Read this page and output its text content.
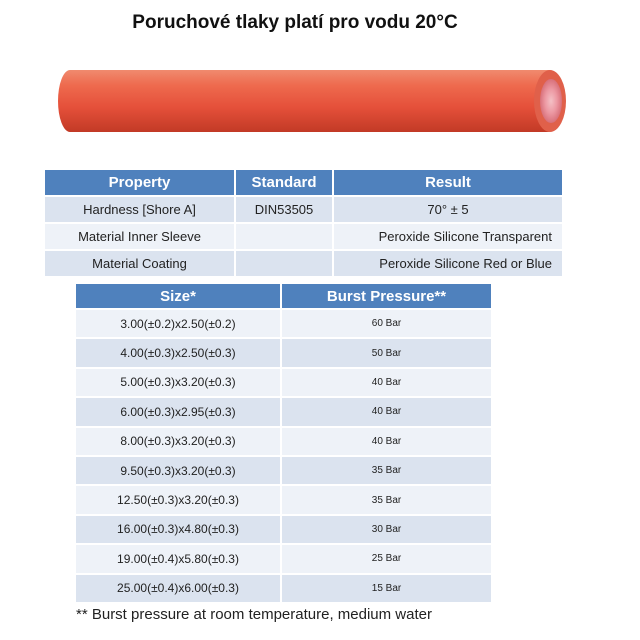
Poruchové tlaky platí pro vodu 20°C
Property	Standard	Result
Hardness [Shore A]	DIN53505	70° ± 5
Material Inner Sleeve		Peroxide Silicone Transparent
Material Coating		Peroxide Silicone Red or Blue
Size*	Burst Pressure**
3.00(±0.2)x2.50(±0.2)	60 Bar
4.00(±0.3)x2.50(±0.3)	50 Bar
5.00(±0.3)x3.20(±0.3)	40 Bar
6.00(±0.3)x2.95(±0.3)	40 Bar
8.00(±0.3)x3.20(±0.3)	40 Bar
9.50(±0.3)x3.20(±0.3)	35 Bar
12.50(±0.3)x3.20(±0.3)	35 Bar
16.00(±0.3)x4.80(±0.3)	30 Bar
19.00(±0.4)x5.80(±0.3)	25 Bar
25.00(±0.4)x6.00(±0.3)	15 Bar
** Burst pressure at room temperature, medium water
